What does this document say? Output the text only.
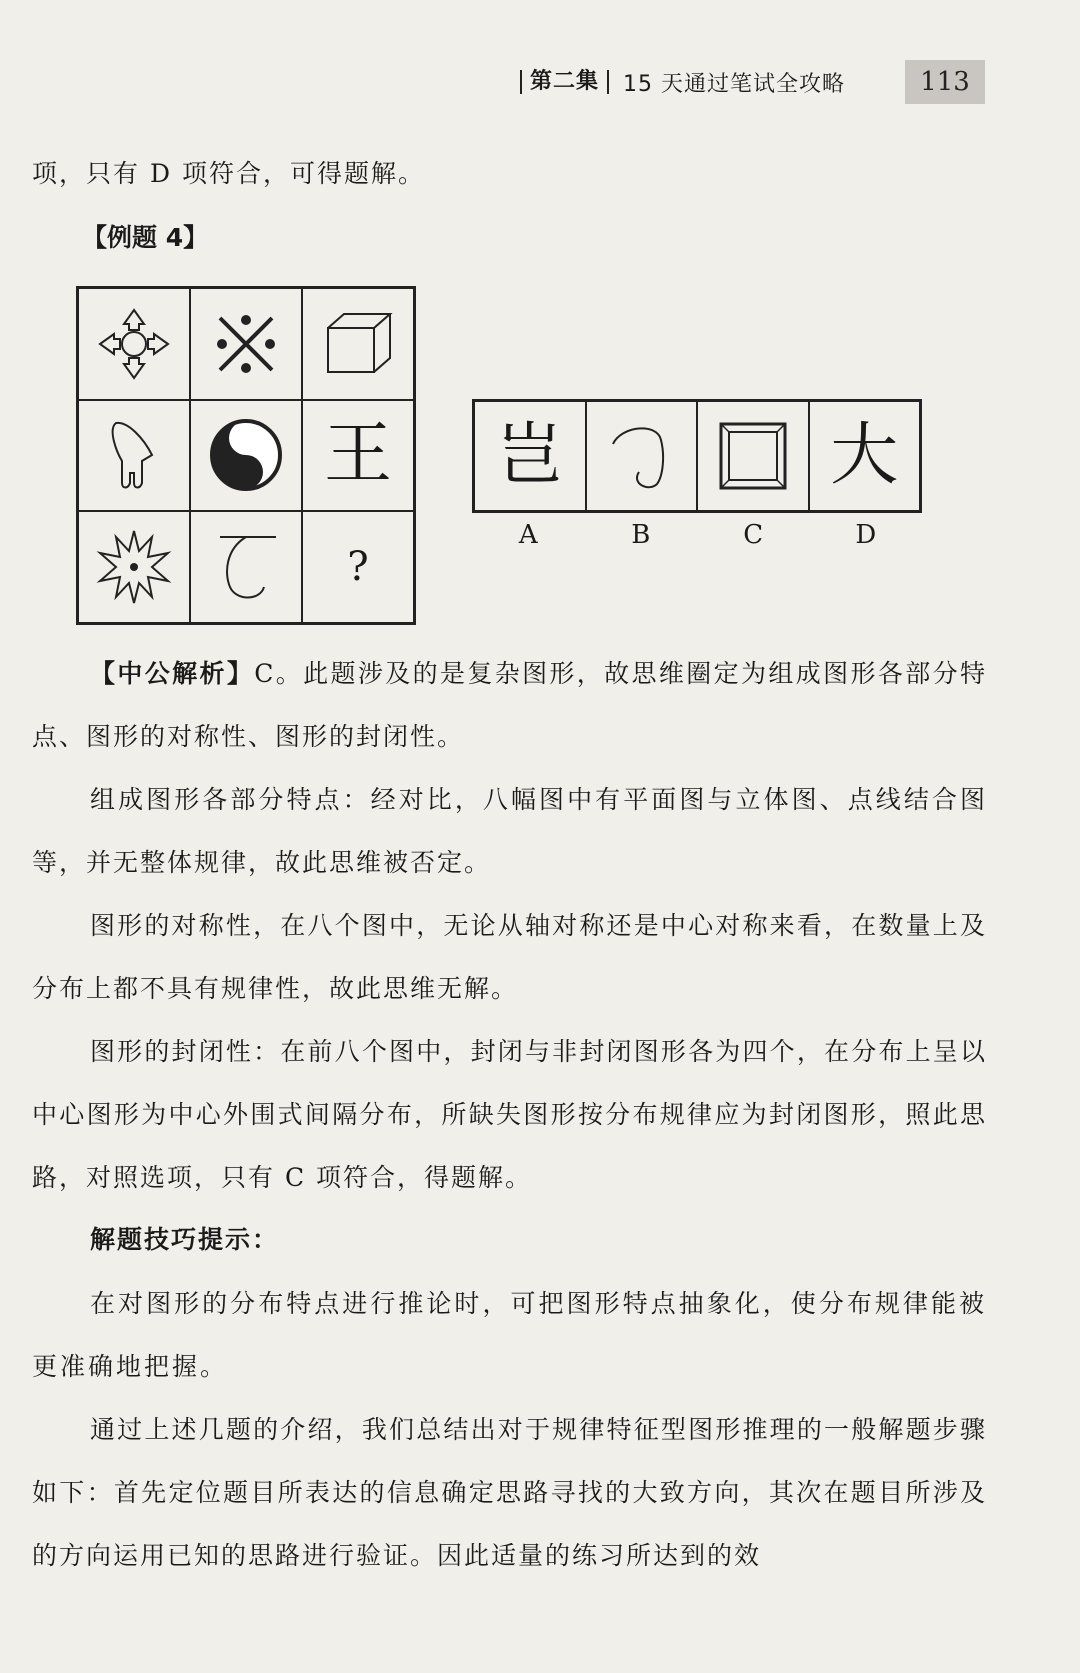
第二集	15 天通过笔试全攻略	113
项，只有 D 项符合，可得题解。
【例题 4】
王
?
岂	大
A	B	C	D
【中公解析】C。此题涉及的是复杂图形，故思维圈定为组成图形各部分特点、图形的对称性、图形的封闭性。
组成图形各部分特点：经对比，八幅图中有平面图与立体图、点线结合图等，并无整体规律，故此思维被否定。
图形的对称性，在八个图中，无论从轴对称还是中心对称来看，在数量上及分布上都不具有规律性，故此思维无解。
图形的封闭性：在前八个图中，封闭与非封闭图形各为四个，在分布上呈以中心图形为中心外围式间隔分布，所缺失图形按分布规律应为封闭图形，照此思路，对照选项，只有 C 项符合，得题解。
解题技巧提示：
在对图形的分布特点进行推论时，可把图形特点抽象化，使分布规律能被更准确地把握。
通过上述几题的介绍，我们总结出对于规律特征型图形推理的一般解题步骤如下：首先定位题目所表达的信息确定思路寻找的大致方向，其次在题目所涉及的方向运用已知的思路进行验证。因此适量的练习所达到的效
